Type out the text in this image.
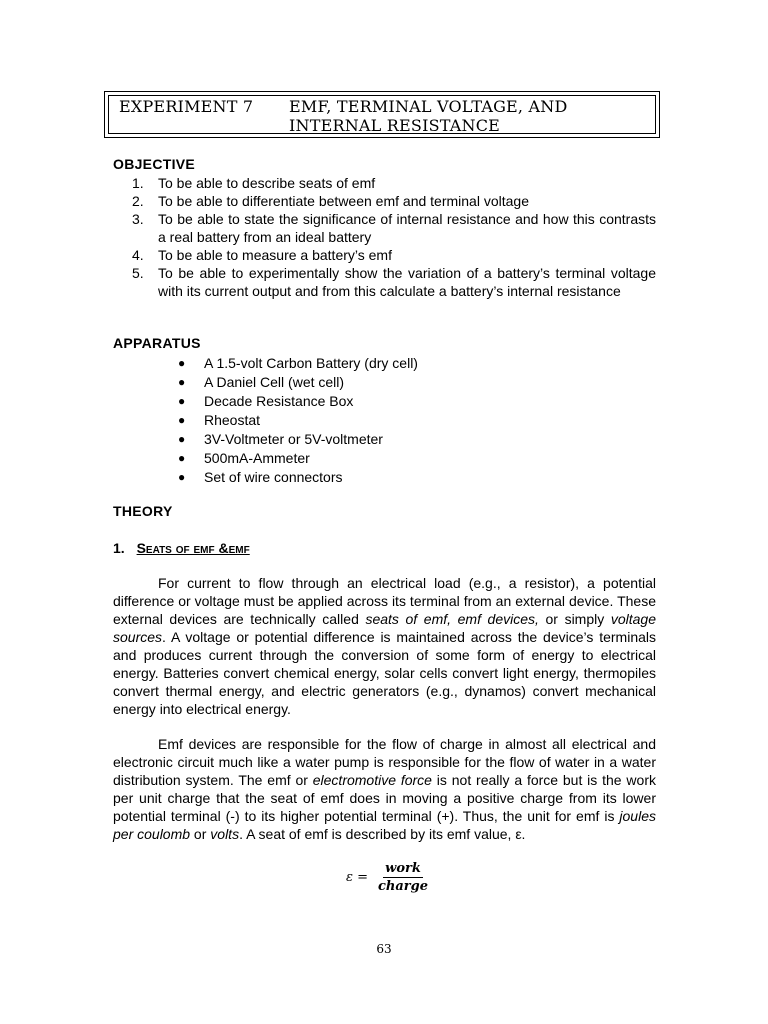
EXPERIMENT 7 EMF, TERMINAL VOLTAGE, AND
INTERNAL RESISTANCE
OBJECTIVE
1.	To be able to describe seats of emf
2.	To be able to differentiate between emf and terminal voltage
3.	To be able to state the significance of internal resistance and how this contrasts a real battery from an ideal battery
4.	To be able to measure a battery’s emf
5.	To be able to experimentally show the variation of a battery’s terminal voltage with its current output and from this calculate a battery’s internal resistance
APPARATUS
●	A 1.5-volt Carbon Battery (dry cell)
●	A Daniel Cell (wet cell)
●	Decade Resistance Box
●	Rheostat
●	3V-Voltmeter or 5V-voltmeter
●	500mA-Ammeter
●	Set of wire connectors
THEORY
1. Seats of emf &emf

For current to flow through an electrical load (e.g., a resistor), a potential difference or voltage must be applied across its terminal from an external device. These external devices are technically called seats of emf, emf devices, or simply voltage sources. A voltage or potential difference is maintained across the device’s terminals and produces current through the conversion of some form of energy to electrical energy. Batteries convert chemical energy, solar cells convert light energy, thermopiles convert thermal energy, and electric generators (e.g., dynamos) convert mechanical energy into electrical energy.

Emf devices are responsible for the flow of charge in almost all electrical and electronic circuit much like a water pump is responsible for the flow of water in a water distribution system. The emf or electromotive force is not really a force but is the work per unit charge that the seat of emf does in moving a positive charge from its lower potential terminal (-) to its higher potential terminal (+). Thus, the unit for emf is joules per coulomb or volts. A seat of emf is described by its emf value, ε.

$\varepsilon = \frac{\text{work}}{\text{charge}}$
63
